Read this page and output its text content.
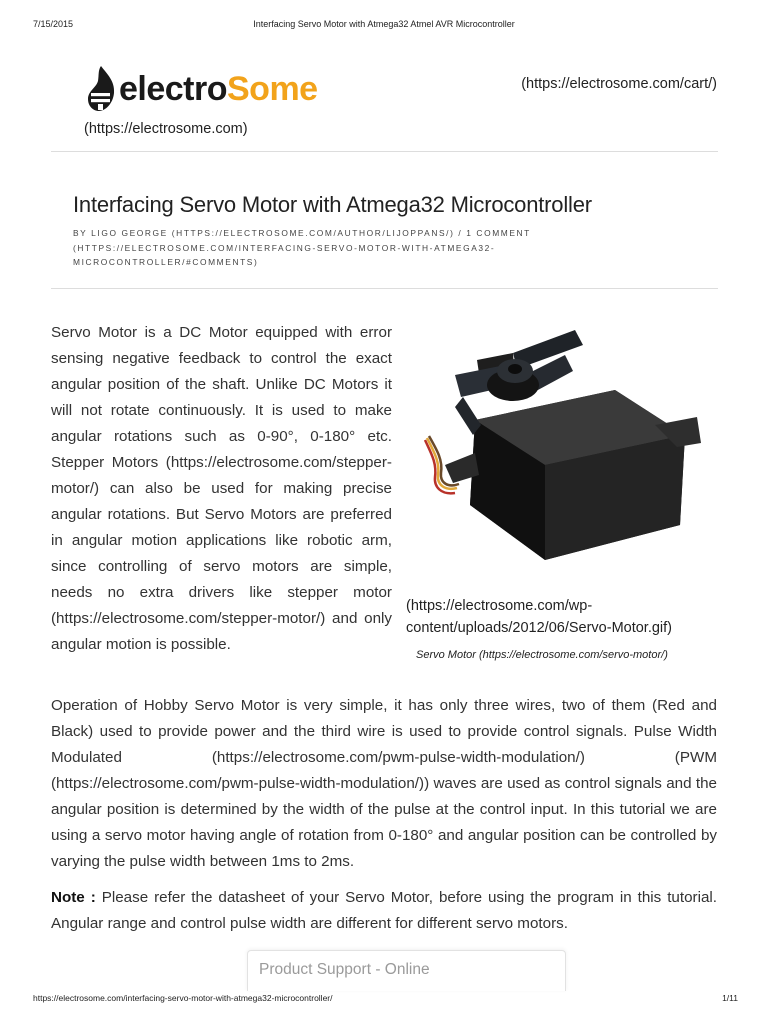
7/15/2015	Interfacing Servo Motor with Atmega32 Atmel AVR Microcontroller
electroSome
(https://electrosome.com)
(https://electrosome.com/cart/)
Interfacing Servo Motor with Atmega32 Microcontroller
BY LIGO GEORGE (HTTPS://ELECTROSOME.COM/AUTHOR/LIJOPPANS/) / 1 COMMENT (HTTPS://ELECTROSOME.COM/INTERFACING-SERVO-MOTOR-WITH-ATMEGA32-MICROCONTROLLER/#COMMENTS)

Servo Motor is a DC Motor equipped with error sensing negative feedback to control the exact angular position of the shaft. Unlike DC Motors it will not rotate continuously. It is used to make angular rotations such as 0-90°, 0-180° etc. Stepper Motors (https://electrosome.com/stepper-motor/) can also be used for making precise angular rotations. But Servo Motors are preferred in angular motion applications like robotic arm, since controlling of servo motors are simple, needs no extra drivers like stepper motor (https://electrosome.com/stepper-motor/) and only angular motion is possible.

(https://electrosome.com/wp-content/uploads/2012/06/Servo-Motor.gif)
Servo Motor (https://electrosome.com/servo-motor/)

Operation of Hobby Servo Motor is very simple, it has only three wires, two of them (Red and Black) used to provide power and the third wire is used to provide control signals. Pulse Width Modulated (https://electrosome.com/pwm-pulse-width-modulation/) (PWM (https://electrosome.com/pwm-pulse-width-modulation/)) waves are used as control signals and the angular position is determined by the width of the pulse at the control input. In this tutorial we are using a servo motor having angle of rotation from 0-180° and angular position can be controlled by varying the pulse width between 1ms to 2ms.

Note : Please refer the datasheet of your Servo Motor, before using the program in this tutorial. Angular range and control pulse width are different for different servo motors.

Product Support - Online
https://electrosome.com/interfacing-servo-motor-with-atmega32-microcontroller/	1/11
